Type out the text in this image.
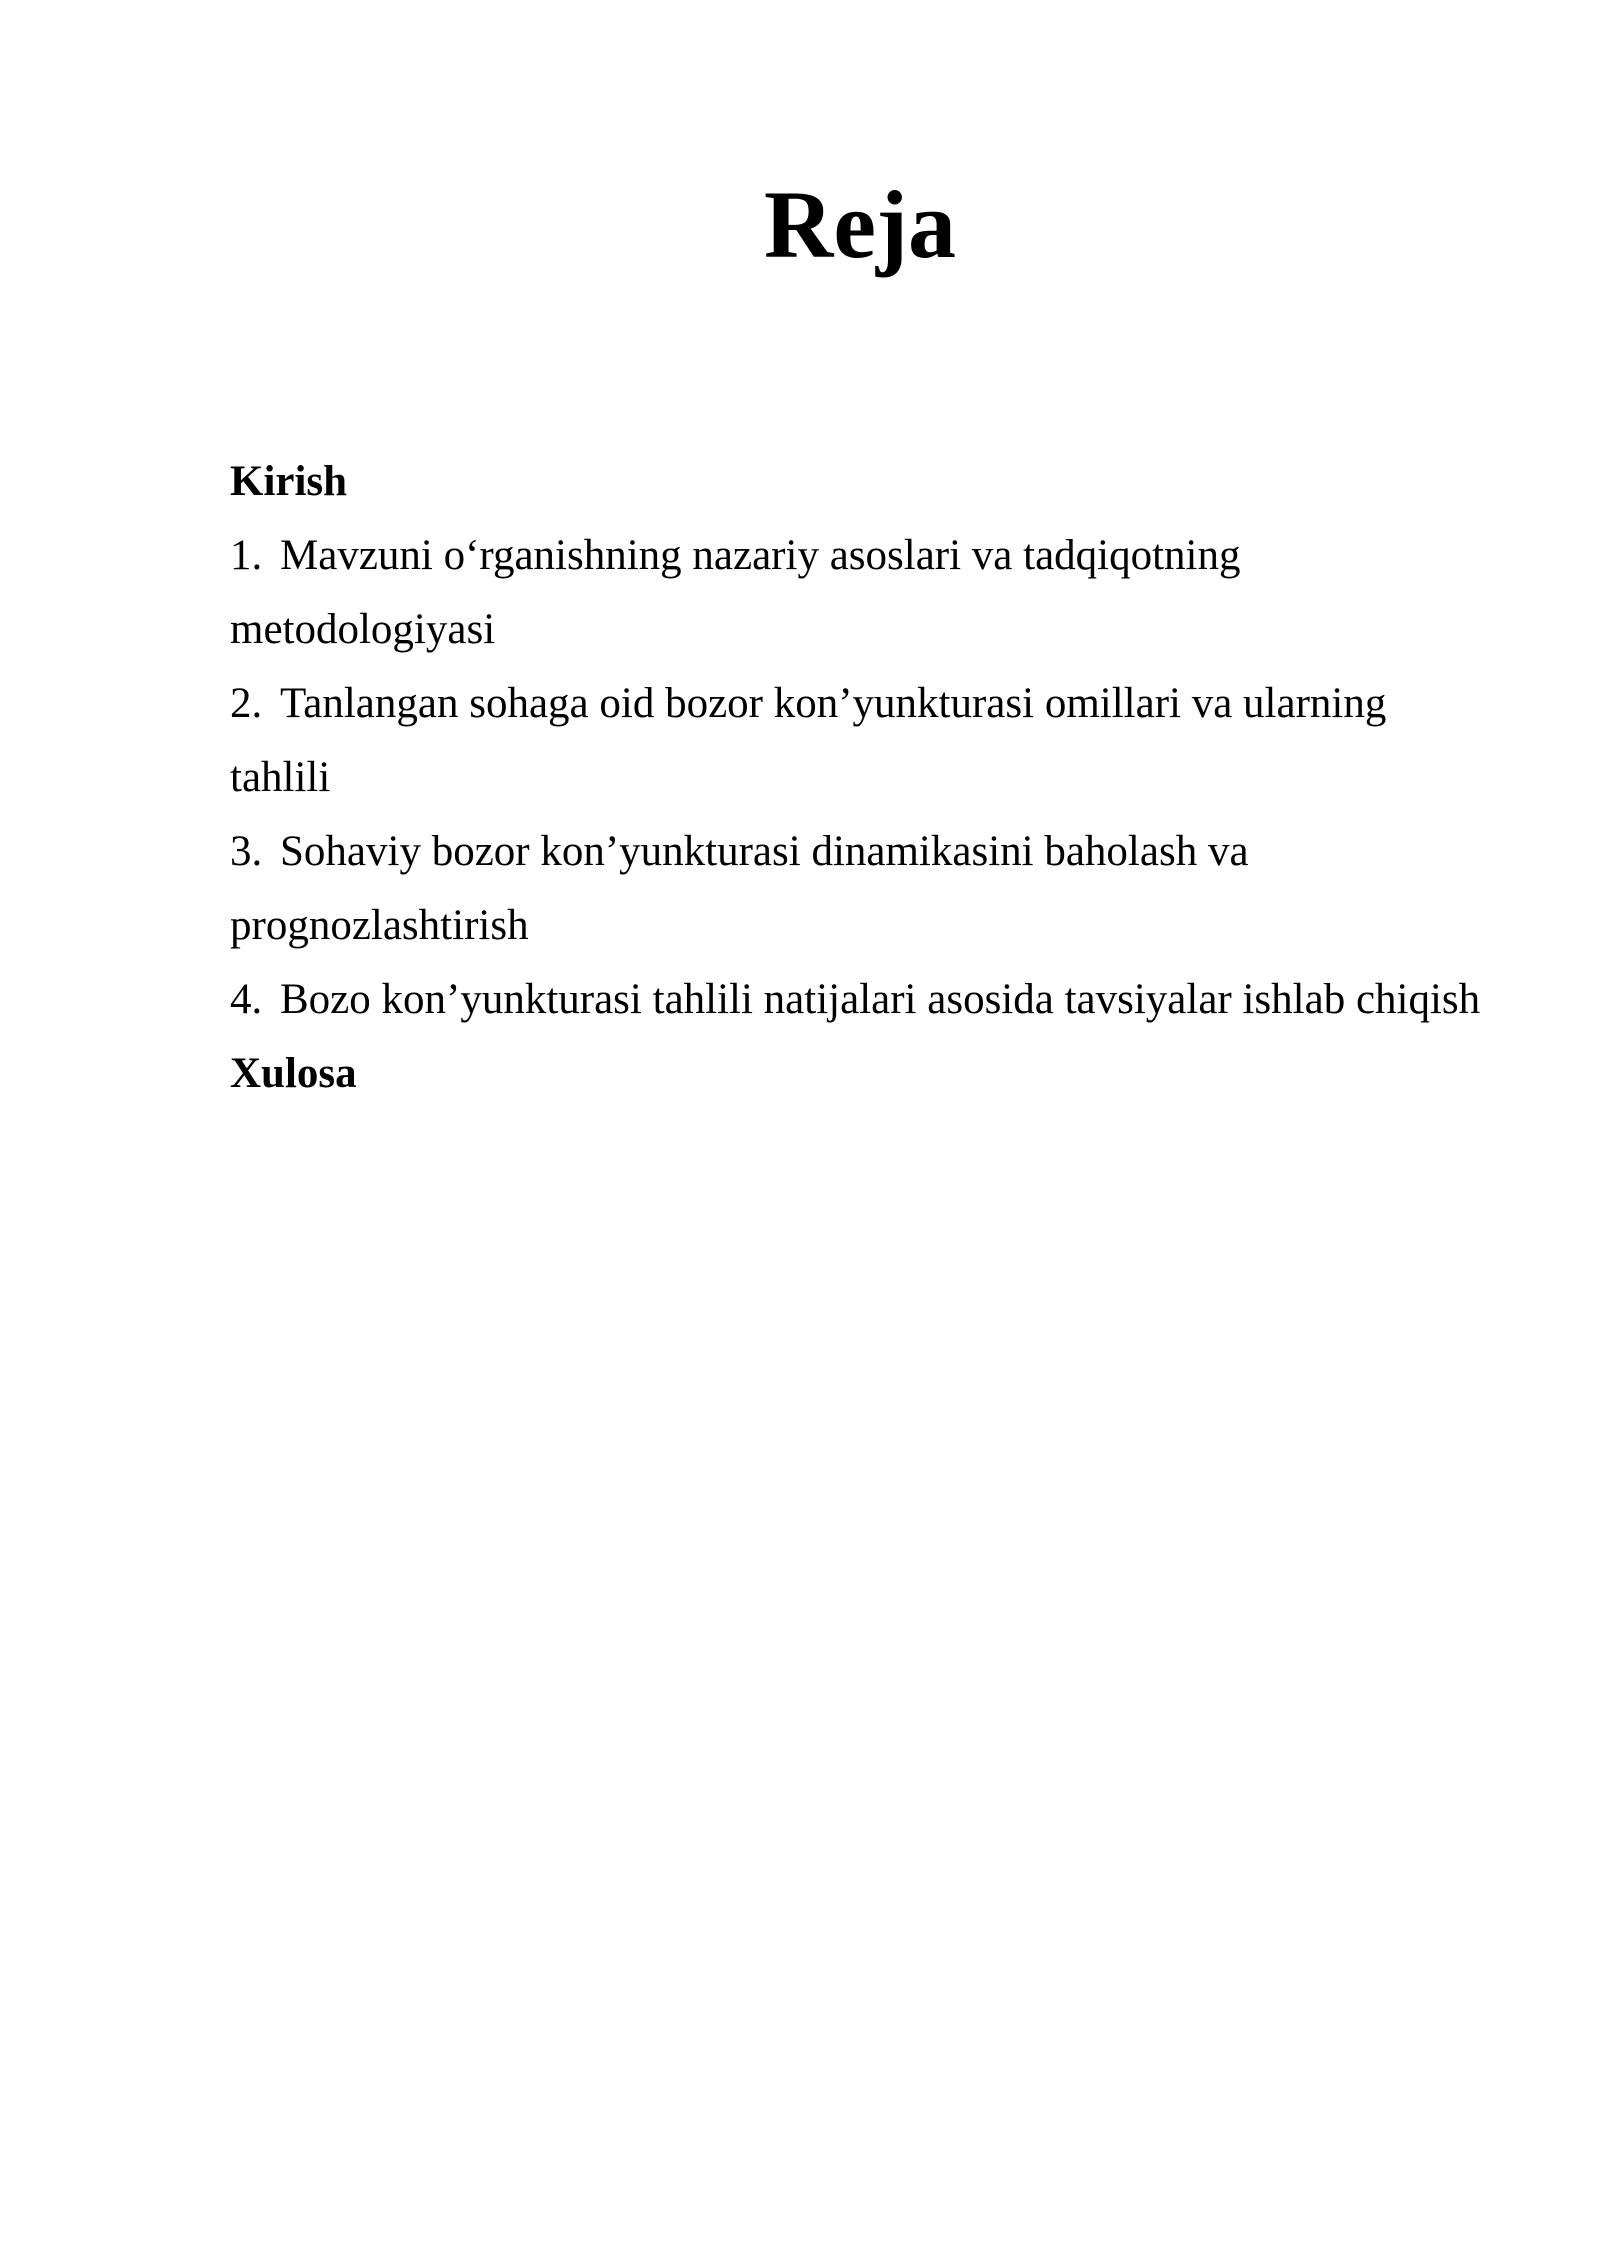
Reja
Kirish
1. Mavzuni o‘rganishning nazariy asoslari va tadqiqotning metodologiyasi
2. Tanlangan sohaga oid bozor kon’yunkturasi omillari va ularning tahlili
3. Sohaviy bozor kon’yunkturasi dinamikasini baholash va prognozlashtirish
4. Bozo kon’yunkturasi tahlili natijalari asosida tavsiyalar ishlab chiqish
Xulosa
